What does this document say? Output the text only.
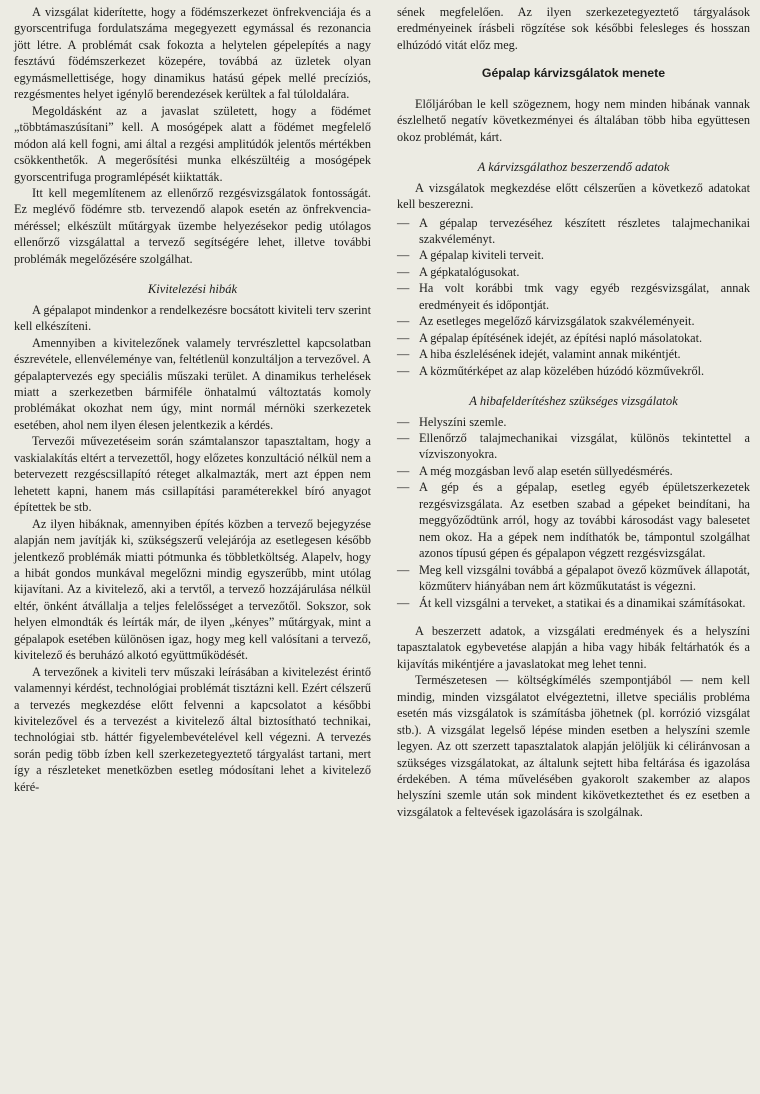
A vizsgálat kiderítette, hogy a födémszerkezet önfrekvenciája és a gyorscentrifuga fordulatszáma megegyezett egymással és rezonancia jött létre. A problémát csak fokozta a helytelen gépelepítés a nagy fesztávú födémszerkezet közepére, továbbá az üzletek olyan egymásmellettisége, hogy dinamikus hatású gépek mellé precíziós, rezgésmentes helyet igénylő berendezések kerültek a fal túloldalára.

Megoldásként az a javaslat született, hogy a födémet „többtámaszúsítani” kell. A mosógépek alatt a födémet megfelelő módon alá kell fogni, ami által a rezgési amplitúdók jelentős mértékben csökkenthetők. A megerősítési munka elkészültéig a mosógépek gyorscentrifuga programlépését kiiktatták.

Itt kell megemlítenem az ellenőrző rezgésvizsgálatok fontosságát. Ez meglévő födémre stb. tervezendő alapok esetén az önfrekvencia-méréssel; elkészült műtárgyak üzembe helyezésekor pedig utólagos ellenőrző vizsgálattal a tervező segítségére lehet, illetve további problémák megelőzésére szolgálhat.

Kivitelezési hibák

A gépalapot mindenkor a rendelkezésre bocsátott kiviteli terv szerint kell elkészíteni.

Amennyiben a kivitelezőnek valamely tervrészlettel kapcsolatban észrevétele, ellenvéleménye van, feltétlenül konzultáljon a tervezővel. A gépalaptervezés egy speciális műszaki terület. A dinamikus terhelések miatt a szerkezetben bármiféle önhatalmú változtatás komoly problémákat okozhat nem úgy, mint normál mérnöki szerkezetek esetében, ahol nem ilyen élesen jelentkezik a kérdés.

Tervezői művezetéseim során számtalanszor tapasztaltam, hogy a vaskialakítás eltért a tervezettől, hogy előzetes konzultáció nélkül nem a betervezett rezgéscsillapító réteget alkalmazták, mert azt éppen nem lehetett kapni, hanem más csillapítási paraméterekkel bíró anyagot építettek be stb.

Az ilyen hibáknak, amennyiben építés közben a tervező bejegyzése alapján nem javítják ki, szükségszerű velejárója az esetlegesen később jelentkező problémák miatti pótmunka és többletköltség. Alapelv, hogy a hibát gondos munkával megelőzni mindig egyszerűbb, mint utólag kijavítani. Az a kivitelező, aki a tervtől, a tervező hozzájárulása nélkül eltér, önként átvállalja a teljes felelősséget a tervezőtől. Sokszor, sok helyen elmondták és leírták már, de ilyen „kényes” műtárgyak, mint a gépalapok esetében különösen igaz, hogy meg kell valósítani a tervező, kivitelező és beruházó alkotó együttműködését.

A tervezőnek a kiviteli terv műszaki leírásában a kivitelezést érintő valamennyi kérdést, technológiai problémát tisztázni kell. Ezért célszerű a tervezés megkezdése előtt felvenni a kapcsolatot a későbbi kivitelezővel és a tervezést a kivitelező által biztosítható technikai, technológiai stb. háttér figyelembevételével kell végezni. A tervezés során pedig több ízben kell szerkezetegyeztető tárgyalást tartani, mert így a részleteket menetközben esetleg módosítani lehet a kivitelező kéré-

sének megfelelően. Az ilyen szerkezetegyeztető tárgyalások eredményeinek írásbeli rögzítése sok későbbi felesleges és hosszan elhúzódó vitát előz meg.

Gépalap kárvizsgálatok menete

Előljáróban le kell szögeznem, hogy nem minden hibának vannak észlelhető negatív következményei és általában több hiba együttesen okoz problémát, kárt.

A kárvizsgálathoz beszerzendő adatok

A vizsgálatok megkezdése előtt célszerűen a következő adatokat kell beszerezni.

— A gépalap tervezéséhez készített részletes talajmechanikai szakvéleményt.
— A gépalap kiviteli terveit.
— A gépkatalógusokat.
— Ha volt korábbi tmk vagy egyéb rezgésvizsgálat, annak eredményeit és időpontját.
— Az esetleges megelőző kárvizsgálatok szakvéleményeit.
— A gépalap építésének idejét, az építési napló másolatokat.
— A hiba észlelésének idejét, valamint annak mikéntjét.
— A közműtérképet az alap közelében húzódó közművekről.
A hibafelderítéshez szükséges vizsgálatok
— Helyszíni szemle.
— Ellenőrző talajmechanikai vizsgálat, különös tekintettel a vízviszonyokra.
— A még mozgásban levő alap esetén süllyedésmérés.
— A gép és a gépalap, esetleg egyéb épületszerkezetek rezgésvizsgálata. Az esetben szabad a gépeket beindítani, ha meggyőződtünk arról, hogy az további károsodást vagy balesetet nem okoz. Ha a gépek nem indíthatók be, támpontul szolgálhat azonos típusú gépen és gépalapon végzett rezgésvizsgálat.
— Meg kell vizsgálni továbbá a gépalapot övező közművek állapotát, közműterv hiányában nem árt közműkutatást is végezni.
— Át kell vizsgálni a terveket, a statikai és a dinamikai számításokat.

A beszerzett adatok, a vizsgálati eredmények és a helyszíni tapasztalatok egybevetése alapján a hiba vagy hibák feltárhatók és a kijavítás mikéntjére a javaslatokat meg lehet tenni.

Természetesen — költségkímélés szempontjából — nem kell mindig, minden vizsgálatot elvégeztetni, illetve speciális probléma esetén más vizsgálatok is számításba jöhetnek (pl. korrózió vizsgálat stb.). A vizsgálat legelső lépése minden esetben a helyszíni szemle legyen. Az ott szerzett tapasztalatok alapján jelöljük ki céliránvosan a szükséges vizsgálatokat, az általunk sejtett hiba feltárása és igazolása érdekében. A téma művelésében gyakorolt szakember az alapos helyszíni szemle után sok mindent kikövetkeztethet és ez esetben a vizsgálatok a feltevések igazolására is szolgálnak.
